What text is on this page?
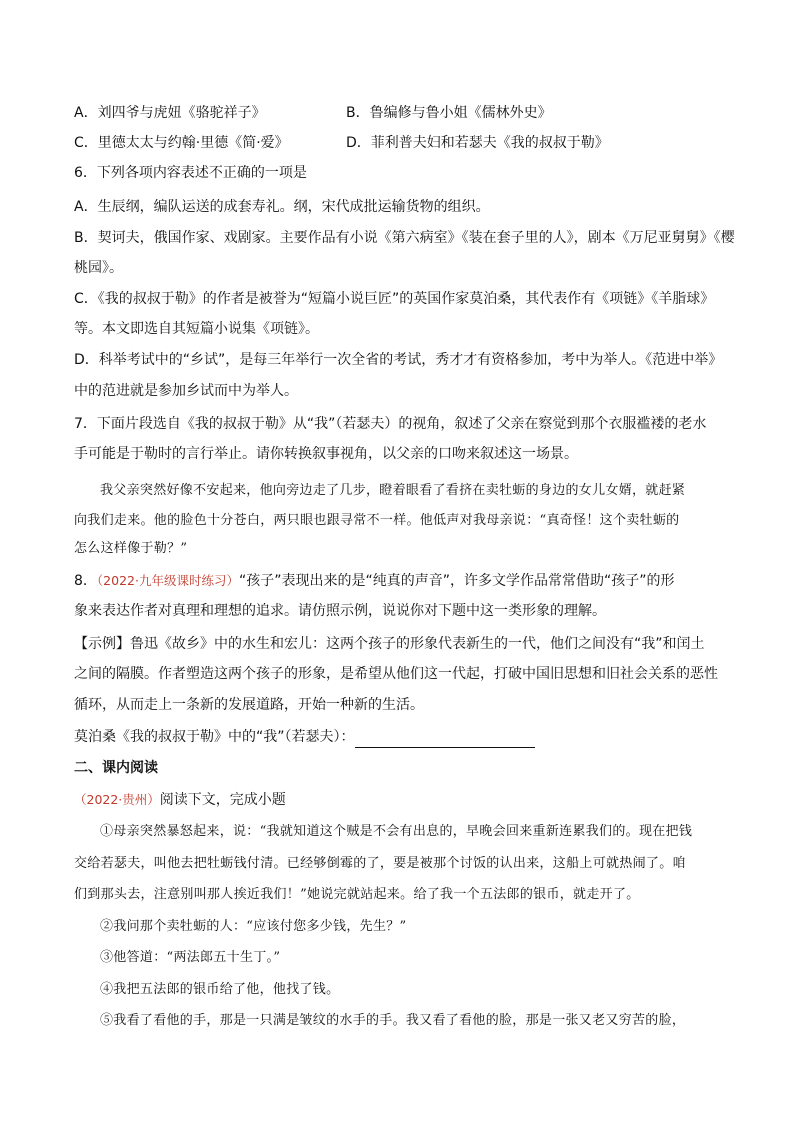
A．刘四爷与虎妞《骆驼祥子》	B．鲁编修与鲁小姐《儒林外史》
C．里德太太与约翰·里德《简·爱》	D．菲利普夫妇和若瑟夫《我的叔叔于勒》
6．下列各项内容表述不正确的一项是
A．生辰纲，编队运送的成套寿礼。纲，宋代成批运输货物的组织。
B．契诃夫，俄国作家、戏剧家。主要作品有小说《第六病室》《装在套子里的人》，剧本《万尼亚舅舅》《樱
桃园》。
C．《我的叔叔于勒》的作者是被誉为“短篇小说巨匠”的英国作家莫泊桑，其代表作有《项链》《羊脂球》
等。本文即选自其短篇小说集《项链》。
D．科举考试中的“乡试”，是每三年举行一次全省的考试，秀才才有资格参加，考中为举人。《范进中举》
中的范进就是参加乡试而中为举人。
7．下面片段选自《我的叔叔于勒》从“我”（若瑟夫）的视角，叙述了父亲在察觉到那个衣服褴褛的老水
手可能是于勒时的言行举止。请你转换叙事视角，以父亲的口吻来叙述这一场景。
我父亲突然好像不安起来，他向旁边走了几步，瞪着眼看了看挤在卖牡蛎的身边的女儿女婿，就赶紧
向我们走来。他的脸色十分苍白，两只眼也跟寻常不一样。他低声对我母亲说：“真奇怪！这个卖牡蛎的
怎么这样像于勒？”
8．（2022·九年级课时练习）“孩子”表现出来的是“纯真的声音”，许多文学作品常常借助“孩子”的形
象来表达作者对真理和理想的追求。请仿照示例，说说你对下题中这一类形象的理解。
【示例】鲁迅《故乡》中的水生和宏儿：这两个孩子的形象代表新生的一代，他们之间没有“我”和闰土
之间的隔膜。作者塑造这两个孩子的形象，是希望从他们这一代起，打破中国旧思想和旧社会关系的恶性
循环，从而走上一条新的发展道路，开始一种新的生活。
莫泊桑《我的叔叔于勒》中的“我”（若瑟夫）：
二、课内阅读
（2022·贵州）阅读下文，完成小题
①母亲突然暴怒起来，说：“我就知道这个贼是不会有出息的，早晚会回来重新连累我们的。现在把钱
交给若瑟夫，叫他去把牡蛎钱付清。已经够倒霉的了，要是被那个讨饭的认出来，这船上可就热闹了。咱
们到那头去，注意别叫那人挨近我们！”她说完就站起来。给了我一个五法郎的银币，就走开了。
②我问那个卖牡蛎的人：“应该付您多少钱，先生？”
③他答道：“两法郎五十生丁。”
④我把五法郎的银币给了他，他找了钱。
⑤我看了看他的手，那是一只满是皱纹的水手的手。我又看了看他的脸，那是一张又老又穷苦的脸，
